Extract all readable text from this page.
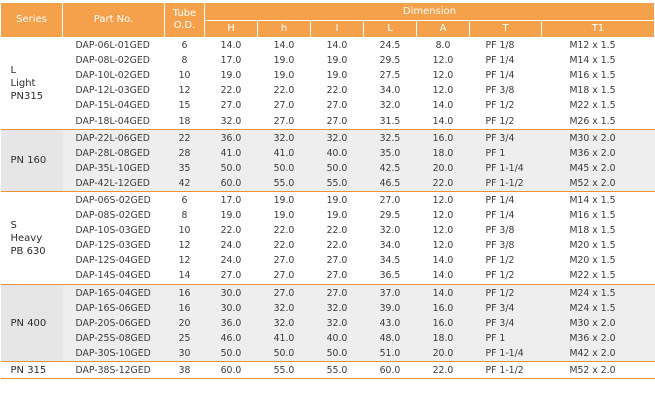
Series	Part No.	Tube O.D.	Dimension						
			H	h	I	L	A	T	T1
L
Light
PN315	DAP-06L-01GED	6	14.0	14.0	14.0	24.5	8.0	PF 1/8	M12 x 1.5
	DAP-08L-02GED	8	17.0	19.0	19.0	29.5	12.0	PF 1/4	M14 x 1.5
	DAP-10L-02GED	10	19.0	19.0	19.0	27.5	12.0	PF 1/4	M16 x 1.5
	DAP-12L-03GED	12	22.0	22.0	22.0	34.0	12.0	PF 3/8	M18 x 1.5
	DAP-15L-04GED	15	27.0	27.0	27.0	32.0	14.0	PF 1/2	M22 x 1.5
	DAP-18L-04GED	18	32.0	27.0	27.0	31.5	14.0	PF 1/2	M26 x 1.5
PN 160	DAP-22L-06GED	22	36.0	32.0	32.0	32.5	16.0	PF 3/4	M30 x 2.0
	DAP-28L-08GED	28	41.0	41.0	40.0	35.0	18.0	PF 1	M36 x 2.0
	DAP-35L-10GED	35	50.0	50.0	50.0	42.5	20.0	PF 1-1/4	M45 x 2.0
	DAP-42L-12GED	42	60.0	55.0	55.0	46.5	22.0	PF 1-1/2	M52 x 2.0
S
Heavy
PB 630	DAP-06S-02GED	6	17.0	19.0	19.0	27.0	12.0	PF 1/4	M14 x 1.5
	DAP-08S-02GED	8	19.0	19.0	19.0	29.5	12.0	PF 1/4	M16 x 1.5
	DAP-10S-03GED	10	22.0	22.0	22.0	32.0	12.0	PF 3/8	M18 x 1.5
	DAP-12S-03GED	12	24.0	22.0	22.0	34.0	12.0	PF 3/8	M20 x 1.5
	DAP-12S-04GED	12	24.0	27.0	27.0	34.5	14.0	PF 1/2	M20 x 1.5
	DAP-14S-04GED	14	27.0	27.0	27.0	36.5	14.0	PF 1/2	M22 x 1.5
PN 400	DAP-16S-04GED	16	30.0	27.0	27.0	37.0	14.0	PF 1/2	M24 x 1.5
	DAP-16S-06GED	16	30.0	32.0	32.0	39.0	16.0	PF 3/4	M24 x 1.5
	DAP-20S-06GED	20	36.0	32.0	32.0	43.0	16.0	PF 3/4	M30 x 2.0
	DAP-25S-08GED	25	46.0	41.0	40.0	48.0	18.0	PF 1	M36 x 2.0
	DAP-30S-10GED	30	50.0	50.0	50.0	51.0	20.0	PF 1-1/4	M42 x 2.0
PN 315	DAP-38S-12GED	38	60.0	55.0	55.0	60.0	22.0	PF 1-1/2	M52 x 2.0
